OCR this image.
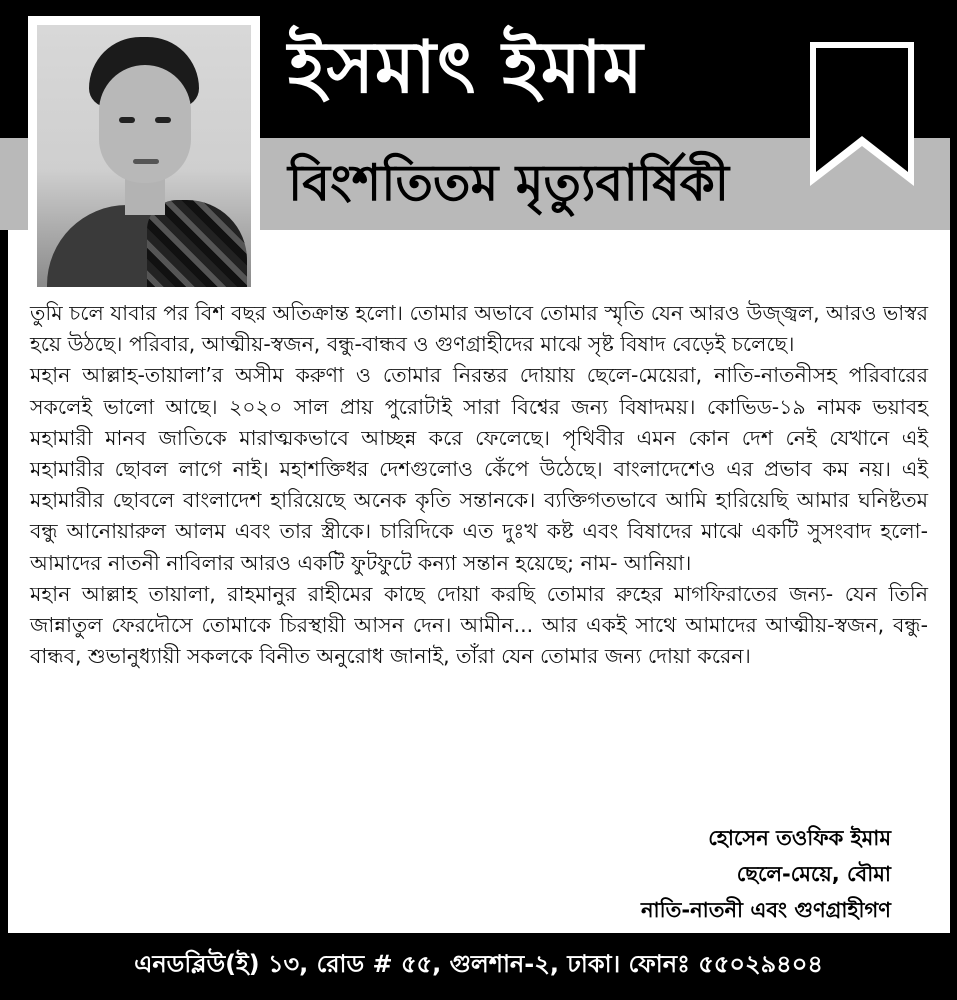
ইসমাৎ ইমাম
বিংশতিতম মৃত্যুবার্ষিকী

তুমি চলে যাবার পর বিশ বছর অতিক্রান্ত হলো। তোমার অভাবে তোমার স্মৃতি যেন আরও উজ্জ্বল, আরও ভাস্বর হয়ে উঠছে। পরিবার, আত্মীয়-স্বজন, বন্ধু-বান্ধব ও গুণগ্রাহীদের মাঝে সৃষ্ট বিষাদ বেড়েই চলেছে।

মহান আল্লাহ-তায়ালা’র অসীম করুণা ও তোমার নিরন্তর দোয়ায় ছেলে-মেয়েরা, নাতি-নাতনীসহ পরিবারের সকলেই ভালো আছে। ২০২০ সাল প্রায় পুরোটাই সারা বিশ্বের জন্য বিষাদময়। কোভিড-১৯ নামক ভয়াবহ মহামারী মানব জাতিকে মারাত্মকভাবে আচ্ছন্ন করে ফেলেছে। পৃথিবীর এমন কোন দেশ নেই যেখানে এই মহামারীর ছোবল লাগে নাই। মহাশক্তিধর দেশগুলোও কেঁপে উঠেছে। বাংলাদেশেও এর প্রভাব কম নয়। এই মহামারীর ছোবলে বাংলাদেশ হারিয়েছে অনেক কৃতি সন্তানকে। ব্যক্তিগতভাবে আমি হারিয়েছি আমার ঘনিষ্টতম বন্ধু আনোয়ারুল আলম এবং তার স্ত্রীকে। চারিদিকে এত দুঃখ কষ্ট এবং বিষাদের মাঝে একটি সুসংবাদ হলো- আমাদের নাতনী নাবিলার আরও একটি ফুটফুটে কন্যা সন্তান হয়েছে; নাম- আনিয়া।

মহান আল্লাহ তায়ালা, রাহমানুর রাহীমের কাছে দোয়া করছি তোমার রুহের মাগফিরাতের জন্য- যেন তিনি জান্নাতুল ফেরদৌসে তোমাকে চিরস্থায়ী আসন দেন। আমীন... আর একই সাথে আমাদের আত্মীয়-স্বজন, বন্ধু-বান্ধব, শুভানুধ্যায়ী সকলকে বিনীত অনুরোধ জানাই, তাঁরা যেন তোমার জন্য দোয়া করেন।

হোসেন তওফিক ইমাম
ছেলে-মেয়ে, বৌমা
নাতি-নাতনী এবং গুণগ্রাহীগণ
এনডব্লিউ(ই) ১৩, রোড # ৫৫, গুলশান-২, ঢাকা। ফোনঃ ৫৫০২৯৪০৪
